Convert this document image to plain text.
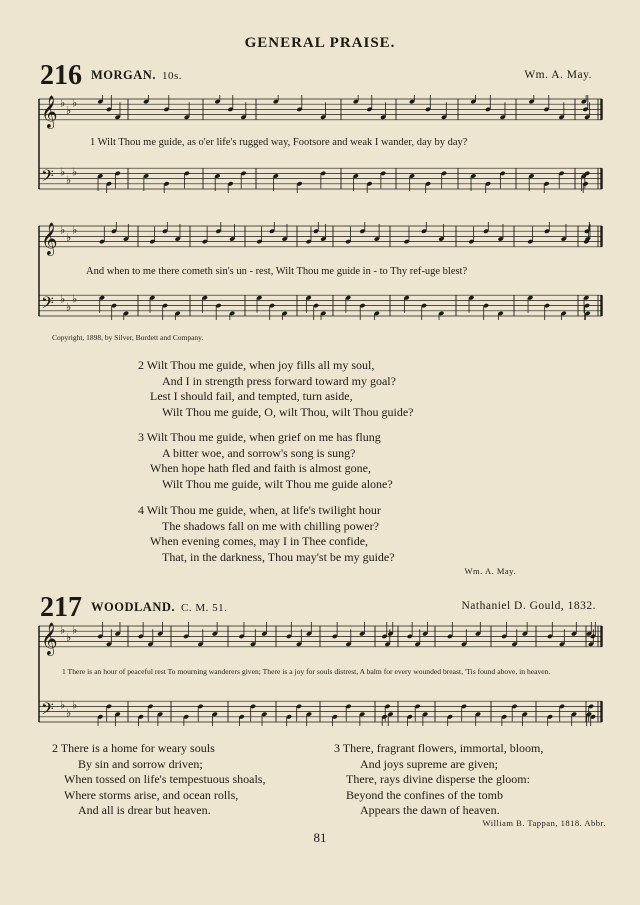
GENERAL PRAISE.
216 MORGAN. 10s.	Wm. A. May.
𝄞 ♭
♭
♭
𝄢 ♭
♭
♭
1 Wilt Thou me guide, as o'er life's rugged way, Footsore and weak I wander, day by day?
𝄞 ♭
♭
♭
𝄢 ♭
♭
♭
And when to me there cometh sin's un - rest, Wilt Thou me guide in - to Thy ref-uge blest?
Copyright, 1898, by Silver, Burdett and Company.
2 Wilt Thou me guide, when joy fills all my soul,
And I in strength press forward toward my goal?
Lest I should fail, and tempted, turn aside,
Wilt Thou me guide, O, wilt Thou, wilt Thou guide?
3 Wilt Thou me guide, when grief on me has flung
A bitter woe, and sorrow's song is sung?
When hope hath fled and faith is almost gone,
Wilt Thou me guide, wilt Thou me guide alone?
4 Wilt Thou me guide, when, at life's twilight hour
The shadows fall on me with chilling power?
When evening comes, may I in Thee confide,
That, in the darkness, Thou may'st be my guide?
Wm. A. May.
217 WOODLAND. C. M. 51.	Nathaniel D. Gould, 1832.
𝄞 ♭
♭
♭
𝄢 ♭
♭
♭
1 There is an hour of peaceful rest To mourning wanderers given; There is a joy for souls distrest, A balm for every wounded breast, 'Tis found above, in heaven.
2 There is a home for weary souls
By sin and sorrow driven;
When tossed on life's tempestuous shoals,
Where storms arise, and ocean rolls,
And all is drear but heaven.
3 There, fragrant flowers, immortal, bloom,
And joys supreme are given;
There, rays divine disperse the gloom:
Beyond the confines of the tomb
Appears the dawn of heaven.
William B. Tappan, 1818. Abbr.
81
